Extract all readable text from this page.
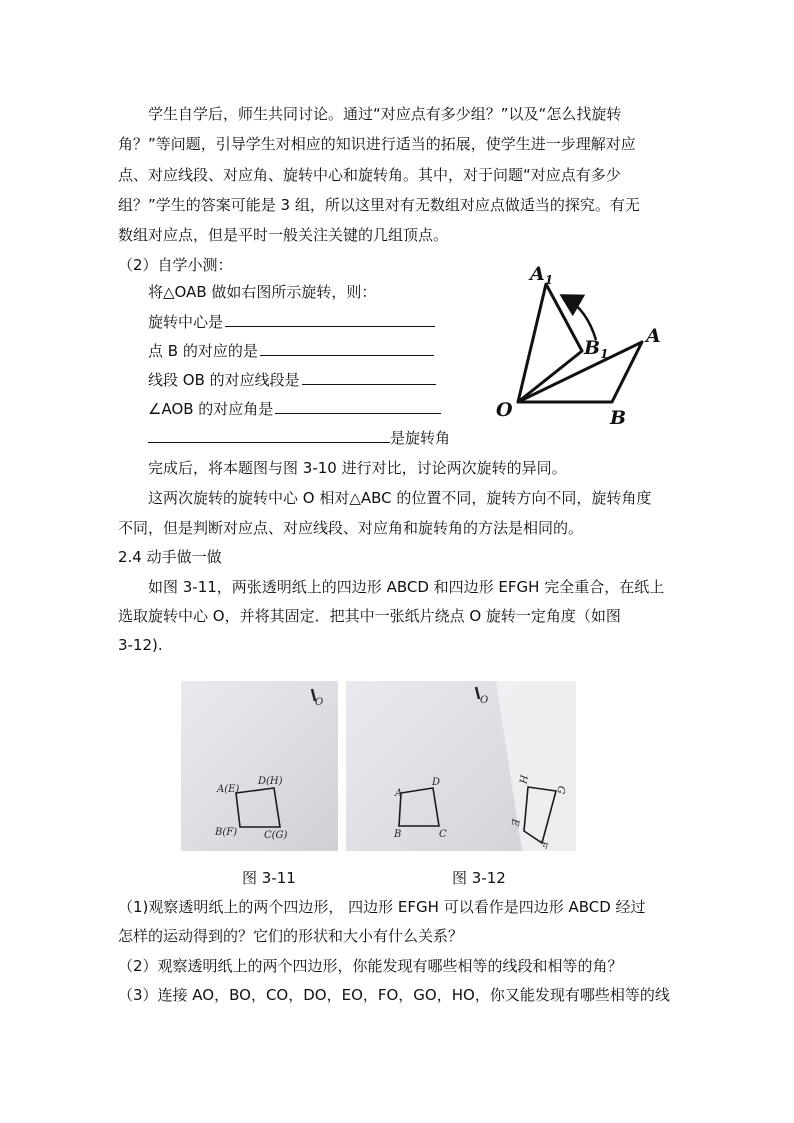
学生自学后，师生共同讨论。通过“对应点有多少组？”以及“怎么找旋转
角？”等问题，引导学生对相应的知识进行适当的拓展，使学生进一步理解对应
点、对应线段、对应角、旋转中心和旋转角。其中，对于问题“对应点有多少
组？”学生的答案可能是 3 组，所以这里对有无数组对应点做适当的探究。有无
数组对应点，但是平时一般关注关键的几组顶点。
（2）自学小测：
将△OAB 做如右图所示旋转，则：
旋转中心是
点 B 的对应的是
线段 OB 的对应线段是
∠AOB 的对应角是
是旋转角
$A_1$
$B_1$
A
O	B
完成后，将本题图与图 3-10 进行对比，讨论两次旋转的异同。
这两次旋转的旋转中心 O 相对△ABC 的位置不同，旋转方向不同，旋转角度
不同，但是判断对应点、对应线段、对应角和旋转角的方法是相同的。
2.4 动手做一做
如图 3-11，两张透明纸上的四边形 ABCD 和四边形 EFGH 完全重合，在纸上
选取旋转中心 O，并将其固定．把其中一张纸片绕点 O 旋转一定角度（如图
3-12).
O
A(E)
D(H)
B(F)	C(G)
O
A
D
B	C
H
G
E
F
图 3-11	图 3-12
（1)观察透明纸上的两个四边形， 四边形 EFGH 可以看作是四边形 ABCD 经过
怎样的运动得到的？它们的形状和大小有什么关系？
（2）观察透明纸上的两个四边形，你能发现有哪些相等的线段和相等的角？
（3）连接 AO，BO，CO，DO，EO，FO，GO，HO，你又能发现有哪些相等的线
